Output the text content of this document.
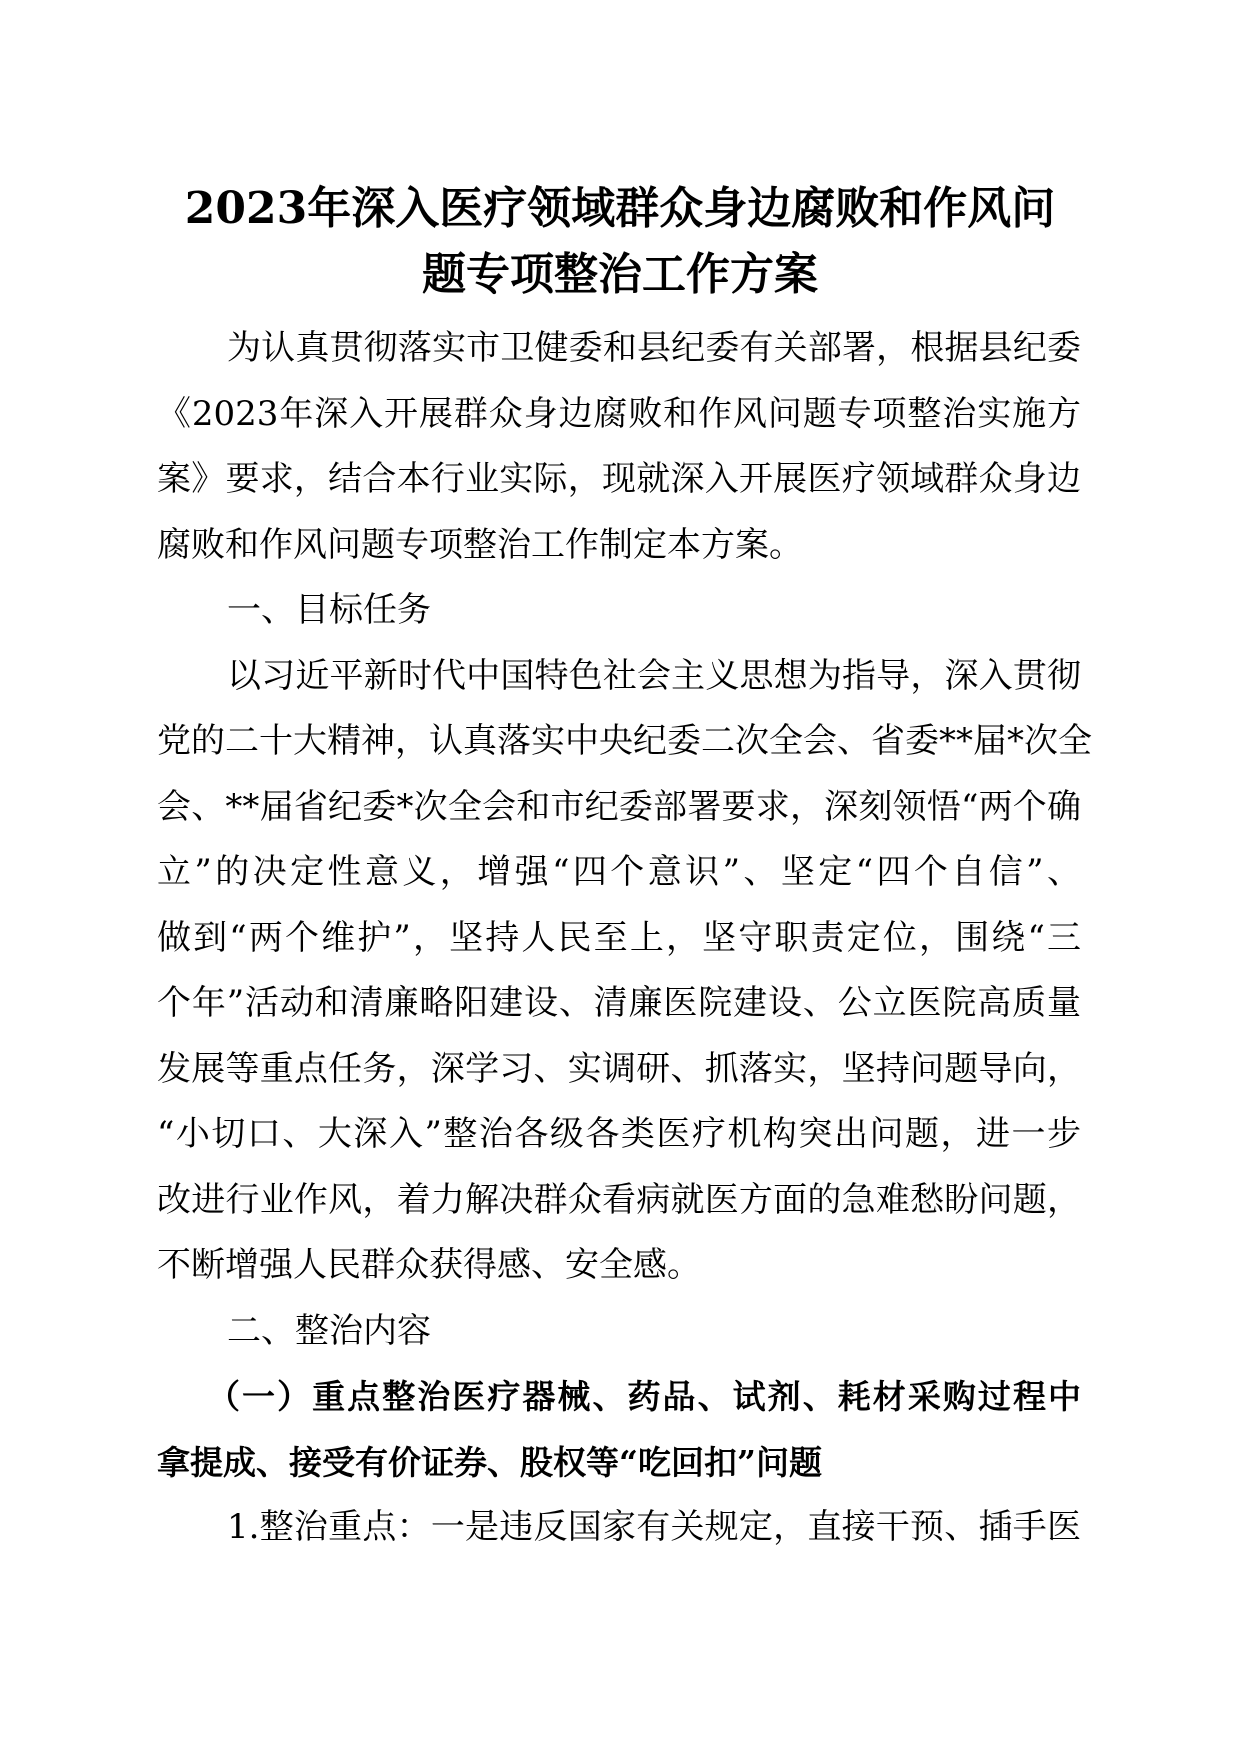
2023年深入医疗领域群众身边腐败和作风问
题专项整治工作方案
为认真贯彻落实市卫健委和县纪委有关部署，根据县纪委
《2023年深入开展群众身边腐败和作风问题专项整治实施方
案》要求，结合本行业实际，现就深入开展医疗领域群众身边
腐败和作风问题专项整治工作制定本方案。
一、目标任务
以习近平新时代中国特色社会主义思想为指导，深入贯彻
党的二十大精神，认真落实中央纪委二次全会、省委**届*次全
会、**届省纪委*次全会和市纪委部署要求，深刻领悟“两个确
立”的决定性意义，增强“四个意识”、坚定“四个自信”、
做到“两个维护”，坚持人民至上，坚守职责定位，围绕“三
个年”活动和清廉略阳建设、清廉医院建设、公立医院高质量
发展等重点任务，深学习、实调研、抓落实，坚持问题导向，
“小切口、大深入”整治各级各类医疗机构突出问题，进一步
改进行业作风，着力解决群众看病就医方面的急难愁盼问题，
不断增强人民群众获得感、安全感。
二、整治内容
（一）重点整治医疗器械、药品、试剂、耗材采购过程中
拿提成、接受有价证券、股权等“吃回扣”问题
1.整治重点：一是违反国家有关规定，直接干预、插手医
